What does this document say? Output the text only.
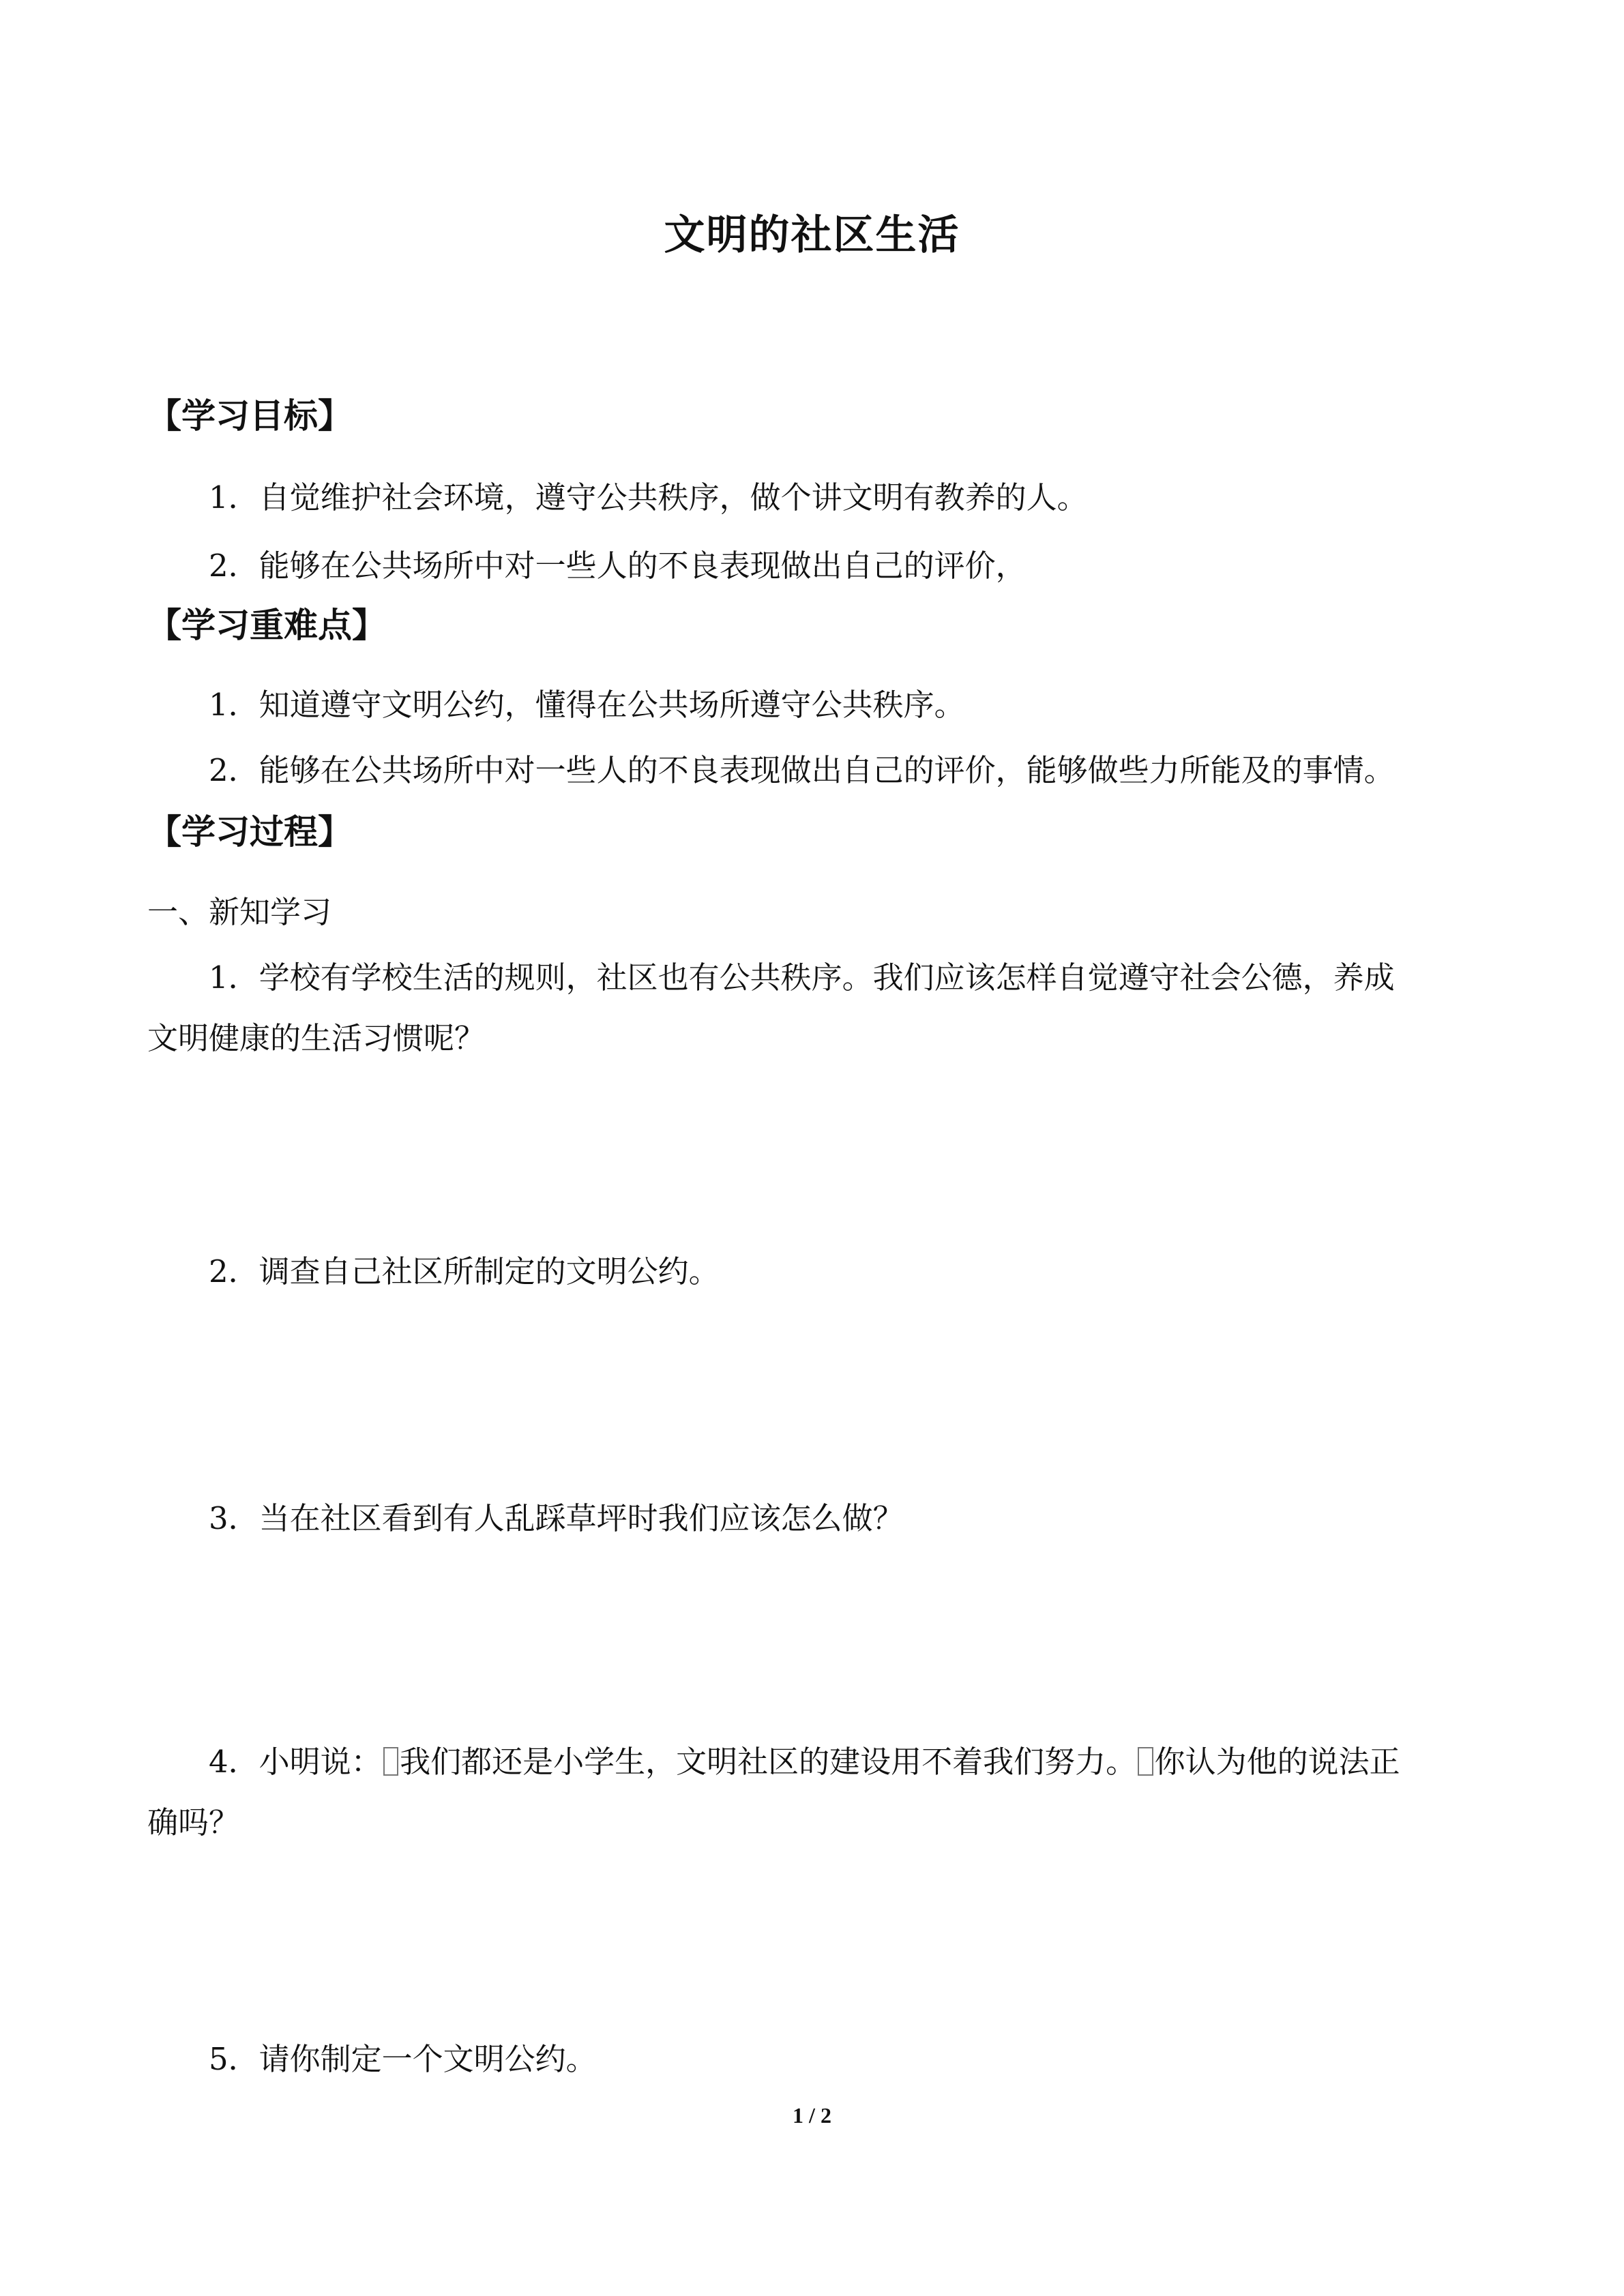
文明的社区生活
【学习目标】
1．自觉维护社会环境，遵守公共秩序，做个讲文明有教养的人。
2．能够在公共场所中对一些人的不良表现做出自己的评价，
【学习重难点】
1．知道遵守文明公约，懂得在公共场所遵守公共秩序。
2．能够在公共场所中对一些人的不良表现做出自己的评价，能够做些力所能及的事情。
【学习过程】
一、新知学习
1．学校有学校生活的规则，社区也有公共秩序。我们应该怎样自觉遵守社会公德，养成
文明健康的生活习惯呢？
2．调查自己社区所制定的文明公约。
3．当在社区看到有人乱踩草坪时我们应该怎么做？
4．小明说： 我们都还是小学生，文明社区的建设用不着我们努力。 你认为他的说法正
确吗？
5．请你制定一个文明公约。
1 / 2
